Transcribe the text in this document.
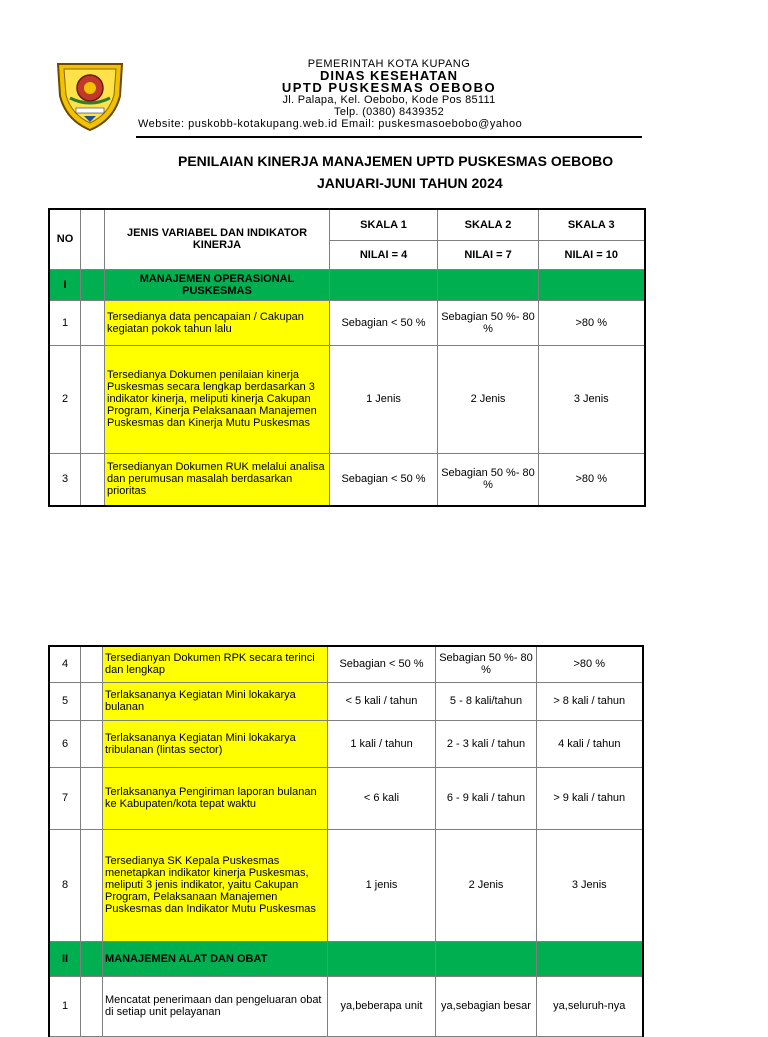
PEMERINTAH KOTA KUPANG
DINAS KESEHATAN
UPTD PUSKESMAS OEBOBO
Jl. Palapa, Kel. Oebobo, Kode Pos 85111
Telp. (0380) 8439352
Website: puskobb-kotakupang.web.id Email: puskesmasoebobo@yahoo
PENILAIAN KINERJA MANAJEMEN UPTD PUSKESMAS OEBOBO
JANUARI-JUNI TAHUN 2024
NO		JENIS VARIABEL DAN INDIKATOR KINERJA	SKALA 1	SKALA 2	SKALA 3
			NILAI = 4	NILAI = 7	NILAI = 10
I		MANAJEMEN OPERASIONAL PUSKESMAS			
1		Tersedianya data pencapaian / Cakupan kegiatan pokok tahun lalu	Sebagian < 50 %	Sebagian 50 %- 80 %	>80 %
2		Tersedianya Dokumen penilaian kinerja Puskesmas secara lengkap berdasarkan 3 indikator kinerja, meliputi kinerja Cakupan Program, Kinerja Pelaksanaan Manajemen Puskesmas dan Kinerja Mutu Puskesmas	1 Jenis	2 Jenis	3 Jenis
3		Tersedianyan Dokumen RUK melalui analisa dan perumusan masalah berdasarkan prioritas	Sebagian < 50 %	Sebagian 50 %- 80 %	>80 %
4		Tersedianyan Dokumen RPK secara terinci dan lengkap	Sebagian < 50 %	Sebagian 50 %- 80 %	>80 %
5		Terlaksananya Kegiatan Mini lokakarya bulanan	< 5 kali / tahun	5 - 8 kali/tahun	> 8 kali / tahun
6		Terlaksananya Kegiatan Mini lokakarya tribulanan (lintas sector)	1 kali / tahun	2 - 3 kali / tahun	4 kali / tahun
7		Terlaksananya Pengiriman laporan bulanan ke Kabupaten/kota tepat waktu	< 6 kali	6 - 9 kali / tahun	> 9 kali / tahun
8		Tersedianya SK Kepala Puskesmas menetapkan indikator kinerja Puskesmas, meliputi 3 jenis indikator, yaitu Cakupan Program, Pelaksanaan Manajemen Puskesmas dan Indikator Mutu Puskesmas	1 jenis	2 Jenis	3 Jenis
II		MANAJEMEN ALAT DAN OBAT			
1		Mencatat penerimaan dan pengeluaran obat di setiap unit pelayanan	ya,beberapa unit	ya,sebagian besar	ya,seluruh-nya
